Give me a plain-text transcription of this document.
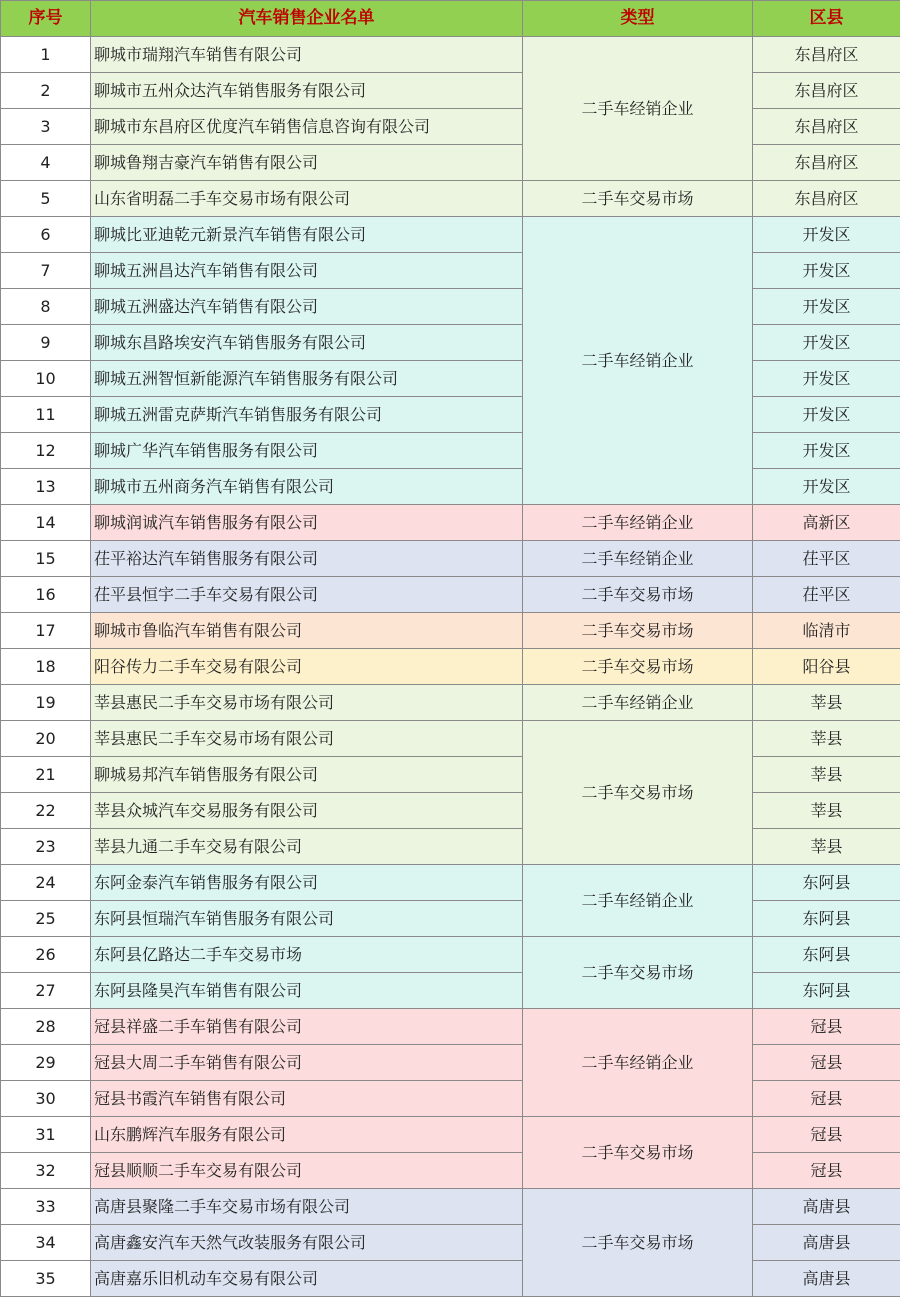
序号	汽车销售企业名单	类型	区县
1	聊城市瑞翔汽车销售有限公司	二手车经销企业	东昌府区
2	聊城市五州众达汽车销售服务有限公司		东昌府区
3	聊城市东昌府区优度汽车销售信息咨询有限公司		东昌府区
4	聊城鲁翔吉豪汽车销售有限公司		东昌府区
5	山东省明磊二手车交易市场有限公司	二手车交易市场	东昌府区
6	聊城比亚迪乾元新景汽车销售有限公司	二手车经销企业	开发区
7	聊城五洲昌达汽车销售有限公司		开发区
8	聊城五洲盛达汽车销售有限公司		开发区
9	聊城东昌路埃安汽车销售服务有限公司		开发区
10	聊城五洲智恒新能源汽车销售服务有限公司		开发区
11	聊城五洲雷克萨斯汽车销售服务有限公司		开发区
12	聊城广华汽车销售服务有限公司		开发区
13	聊城市五州商务汽车销售有限公司		开发区
14	聊城润诚汽车销售服务有限公司	二手车经销企业	高新区
15	茌平裕达汽车销售服务有限公司	二手车经销企业	茌平区
16	茌平县恒宇二手车交易有限公司	二手车交易市场	茌平区
17	聊城市鲁临汽车销售有限公司	二手车交易市场	临清市
18	阳谷传力二手车交易有限公司	二手车交易市场	阳谷县
19	莘县惠民二手车交易市场有限公司	二手车经销企业	莘县
20	莘县惠民二手车交易市场有限公司	二手车交易市场	莘县
21	聊城易邦汽车销售服务有限公司		莘县
22	莘县众城汽车交易服务有限公司		莘县
23	莘县九通二手车交易有限公司		莘县
24	东阿金泰汽车销售服务有限公司	二手车经销企业	东阿县
25	东阿县恒瑞汽车销售服务有限公司		东阿县
26	东阿县亿路达二手车交易市场	二手车交易市场	东阿县
27	东阿县隆昊汽车销售有限公司		东阿县
28	冠县祥盛二手车销售有限公司	二手车经销企业	冠县
29	冠县大周二手车销售有限公司		冠县
30	冠县书霞汽车销售有限公司		冠县
31	山东鹏辉汽车服务有限公司	二手车交易市场	冠县
32	冠县顺顺二手车交易有限公司		冠县
33	高唐县聚隆二手车交易市场有限公司	二手车交易市场	高唐县
34	高唐鑫安汽车天然气改装服务有限公司		高唐县
35	高唐嘉乐旧机动车交易有限公司		高唐县
